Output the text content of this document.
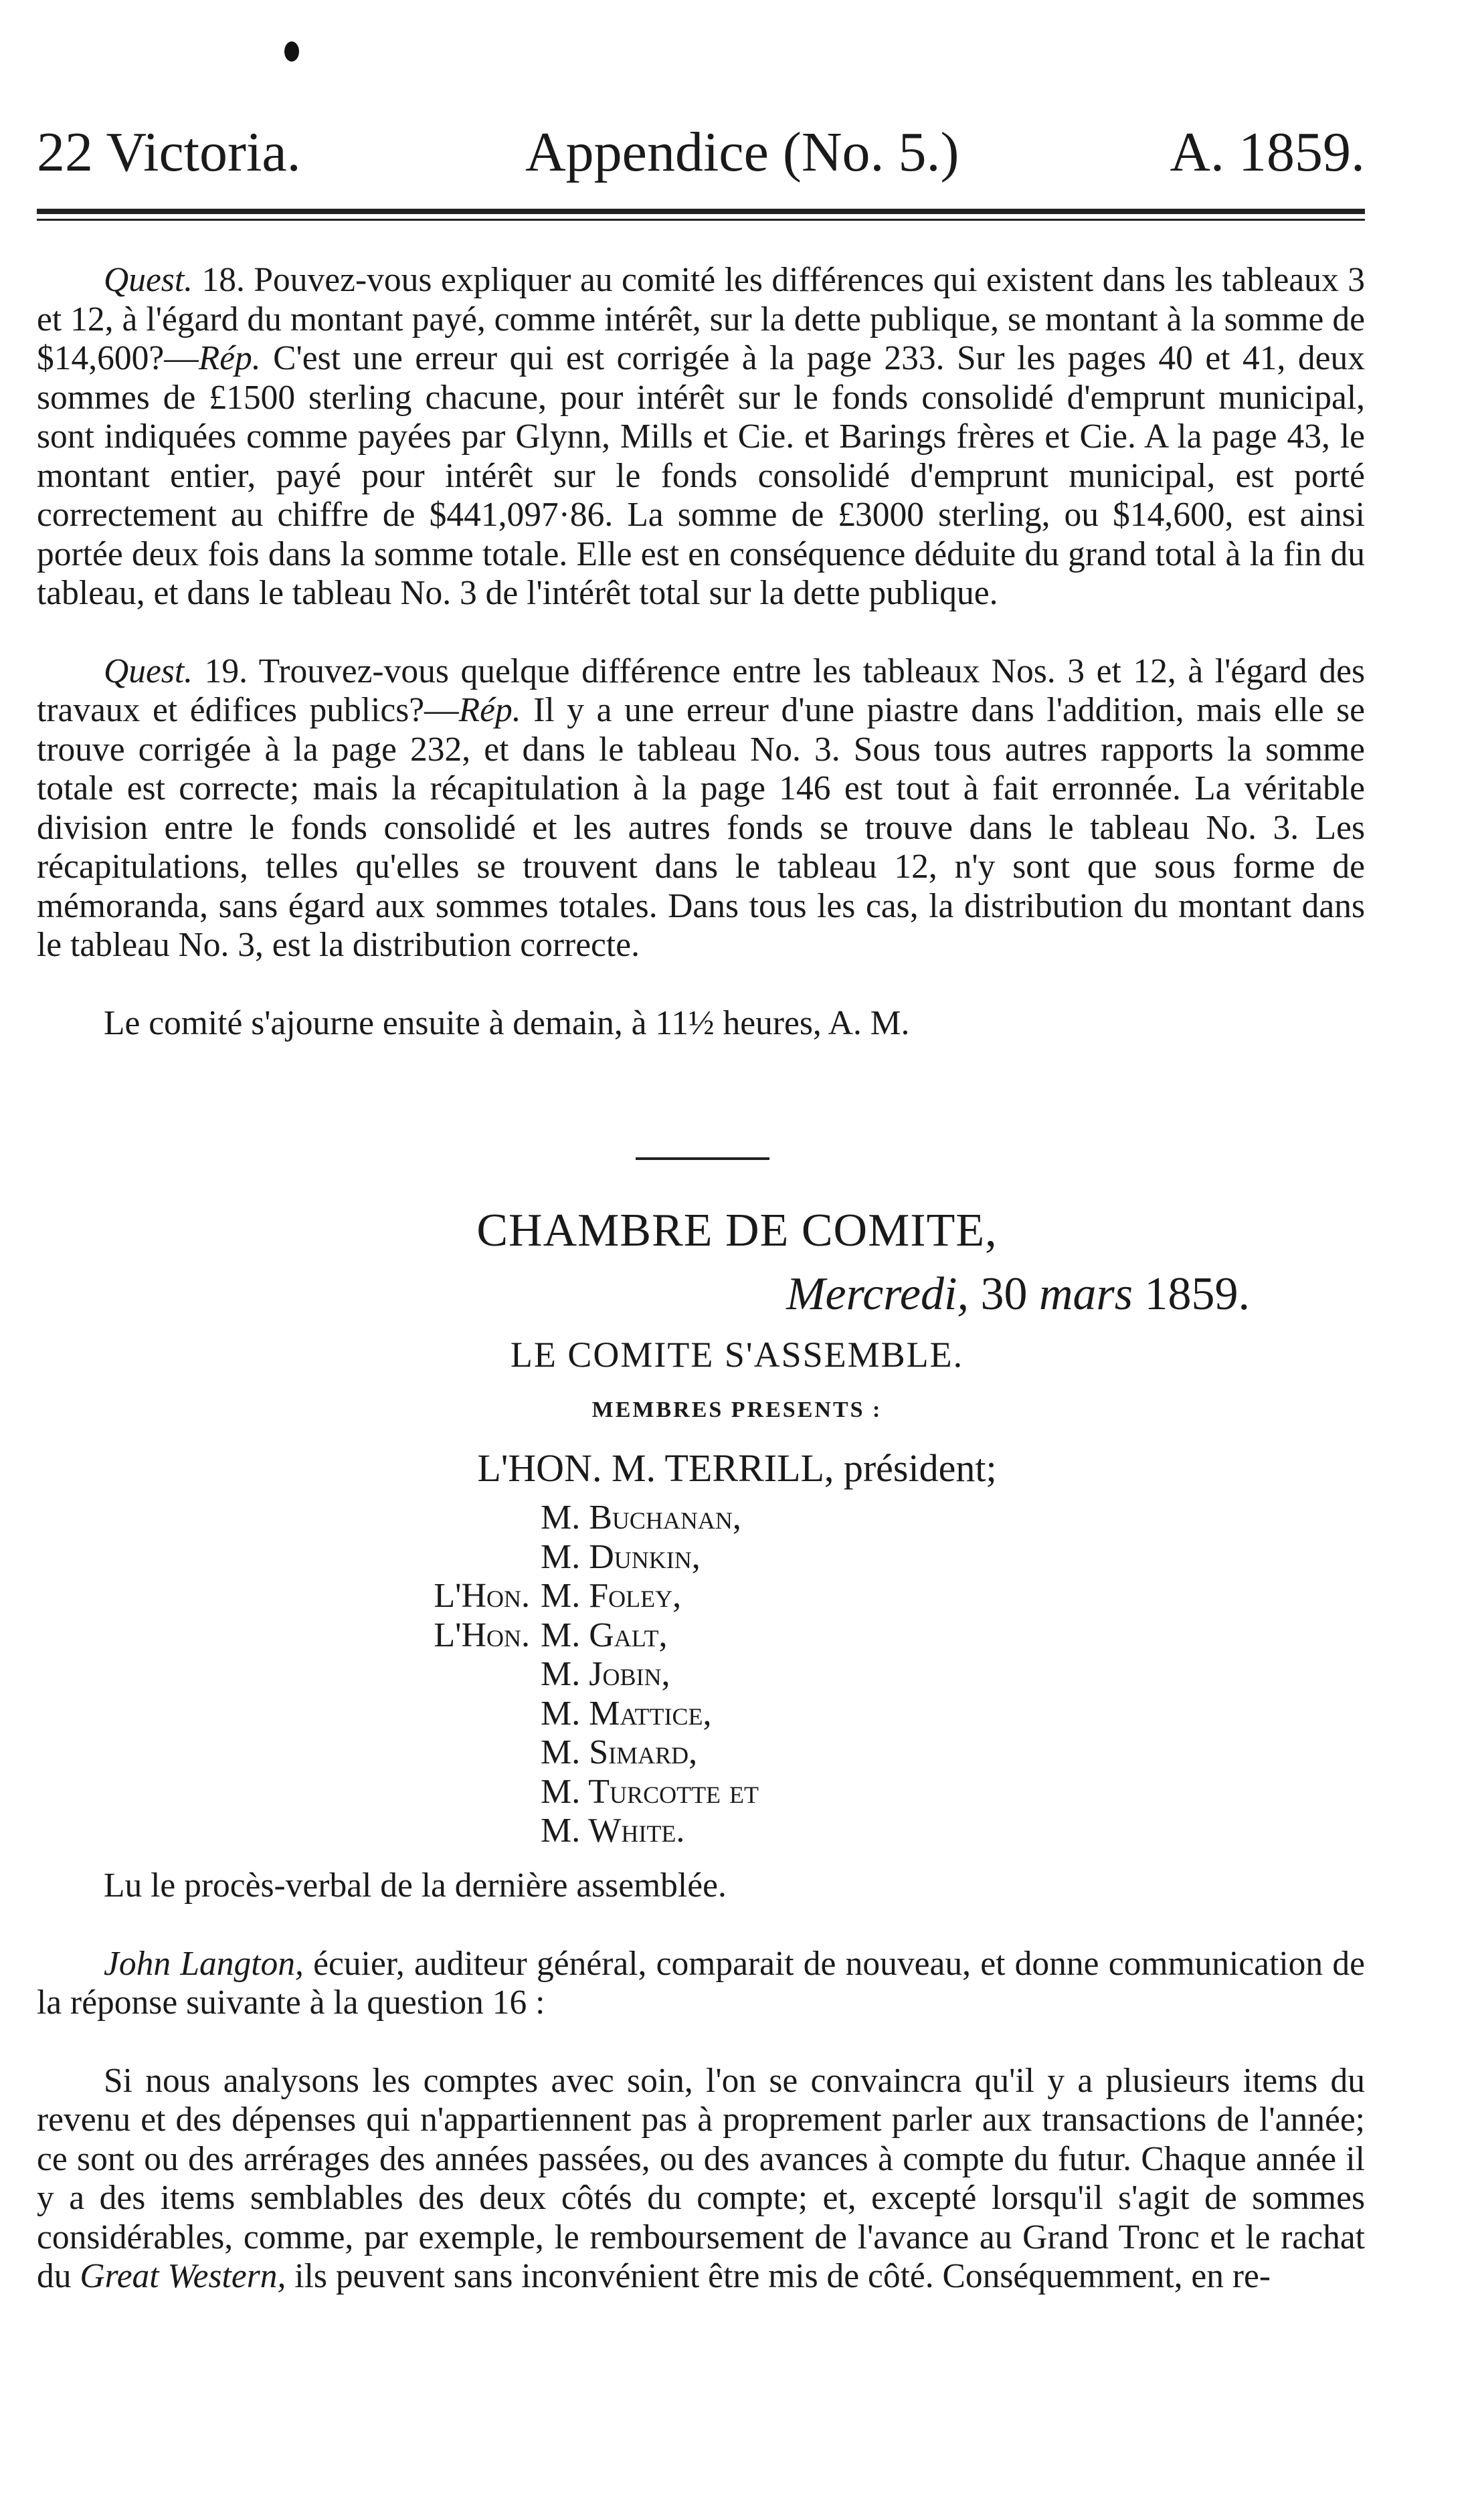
22 Victoria.	Appendice (No. 5.)	A. 1859.

Quest. 18. Pouvez-vous expliquer au comité les différences qui existent dans les tableaux 3 et 12, à l'égard du montant payé, comme intérêt, sur la dette publique, se montant à la somme de $14,600?—Rép. C'est une erreur qui est corrigée à la page 233. Sur les pages 40 et 41, deux sommes de £1500 sterling chacune, pour intérêt sur le fonds consolidé d'emprunt municipal, sont indiquées comme payées par Glynn, Mills et Cie. et Barings frères et Cie. A la page 43, le montant entier, payé pour intérêt sur le fonds consolidé d'emprunt municipal, est porté correctement au chiffre de $441,097·86. La somme de £3000 sterling, ou $14,600, est ainsi portée deux fois dans la somme totale. Elle est en conséquence déduite du grand total à la fin du tableau, et dans le tableau No. 3 de l'intérêt total sur la dette publique.

Quest. 19. Trouvez-vous quelque différence entre les tableaux Nos. 3 et 12, à l'égard des travaux et édifices publics?—Rép. Il y a une erreur d'une piastre dans l'addition, mais elle se trouve corrigée à la page 232, et dans le tableau No. 3. Sous tous autres rapports la somme totale est correcte; mais la récapitulation à la page 146 est tout à fait erronnée. La véritable division entre le fonds consolidé et les autres fonds se trouve dans le tableau No. 3. Les récapitulations, telles qu'elles se trouvent dans le tableau 12, n'y sont que sous forme de mémoranda, sans égard aux sommes totales. Dans tous les cas, la distribution du montant dans le tableau No. 3, est la distribution correcte.

Le comité s'ajourne ensuite à demain, à 11½ heures, A. M.

CHAMBRE DE COMITE,
Mercredi, 30 mars 1859.
LE COMITE S'ASSEMBLE.
MEMBRES PRESENTS :
L'HON. M. TERRILL, président;
M. Buchanan,
M. Dunkin,
L'Hon. M. Foley,
L'Hon. M. Galt,
M. Jobin,
M. Mattice,
M. Simard,
M. Turcotte et
M. White.

Lu le procès-verbal de la dernière assemblée.

John Langton, écuier, auditeur général, comparait de nouveau, et donne communication de la réponse suivante à la question 16 :

Si nous analysons les comptes avec soin, l'on se convaincra qu'il y a plusieurs items du revenu et des dépenses qui n'appartiennent pas à proprement parler aux transactions de l'année; ce sont ou des arrérages des années passées, ou des avances à compte du futur. Chaque année il y a des items semblables des deux côtés du compte; et, excepté lorsqu'il s'agit de sommes considérables, comme, par exemple, le remboursement de l'avance au Grand Tronc et le rachat du Great Western, ils peuvent sans inconvénient être mis de côté. Conséquemment, en re-
